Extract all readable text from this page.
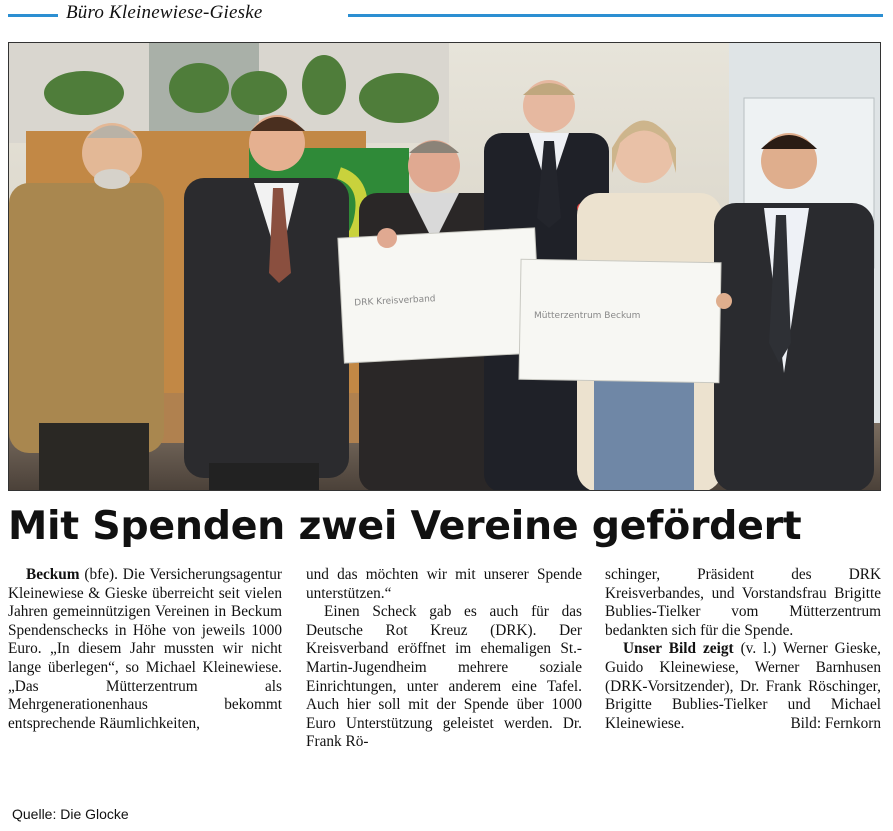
Büro Kleinewiese-Gieske
DRK Kreisverband
Mütterzentrum Beckum
Mit Spenden zwei Vereine gefördert

Beckum (bfe). Die Versicherungsagentur Kleinewiese & Gieske überreicht seit vielen Jahren gemeinnützigen Vereinen in Beckum Spendenschecks in Höhe von jeweils 1000 Euro. „In diesem Jahr mussten wir nicht lange überlegen“, so Michael Kleinewiese. „Das Mütterzentrum als Mehrgenerationenhaus bekommt entsprechende Räumlichkeiten,

und das möchten wir mit unserer Spende unterstützen.“

Einen Scheck gab es auch für das Deutsche Rot Kreuz (DRK). Der Kreisverband eröffnet im ehemaligen St.-Martin-Jugendheim mehrere soziale Einrichtungen, unter anderem eine Tafel. Auch hier soll mit der Spende über 1000 Euro Unterstützung geleistet werden. Dr. Frank Rö-

schinger, Präsident des DRK Kreisverbandes, und Vorstandsfrau Brigitte Bublies-Tielker vom Mütterzentrum bedankten sich für die Spende.

Unser Bild zeigt (v. l.) Werner Gieske, Guido Kleinewiese, Werner Barnhusen (DRK-Vorsitzender), Dr. Frank Röschinger, Brigitte Bublies-Tielker und Michael Kleinewiese.	Bild: Fernkorn

Quelle: Die Glocke
